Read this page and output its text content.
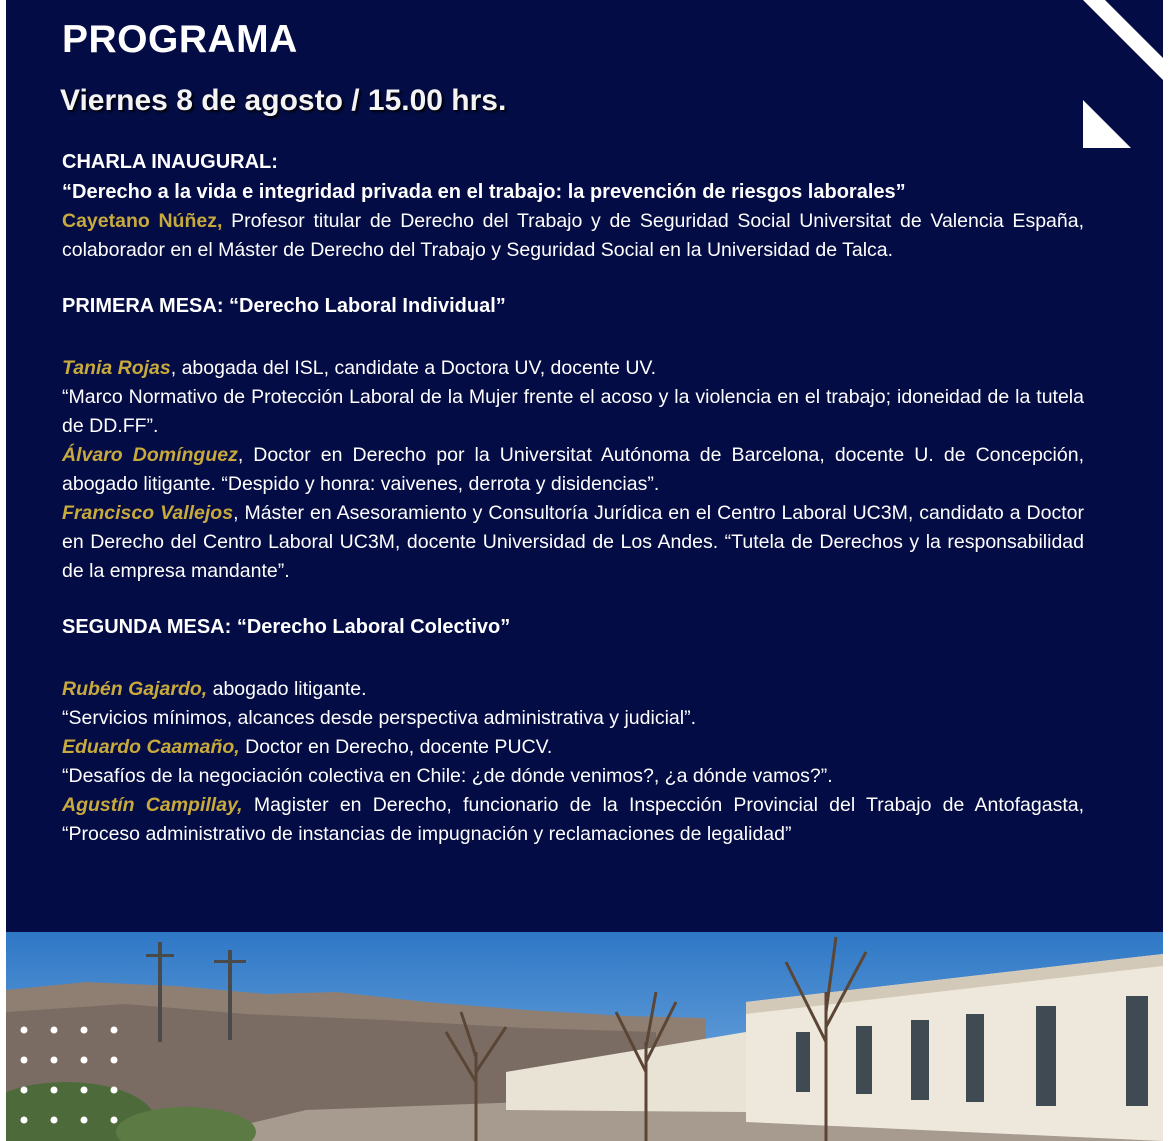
PROGRAMA
Viernes 8 de agosto / 15.00 hrs.

CHARLA INAUGURAL:

“Derecho a la vida e integridad privada en el trabajo: la prevención de riesgos laborales”

Cayetano Núñez, Profesor titular de Derecho del Trabajo y de Seguridad Social Universitat de Valencia España, colaborador en el Máster de Derecho del Trabajo y Seguridad Social en la Universidad de Talca.

PRIMERA MESA: “Derecho Laboral Individual”

Tania Rojas, abogada del ISL, candidate a Doctora UV, docente UV.

“Marco Normativo de Protección Laboral de la Mujer frente el acoso y la violencia en el trabajo; idoneidad de la tutela de DD.FF”.

Álvaro Domínguez, Doctor en Derecho por la Universitat Autónoma de Barcelona, docente U. de Concepción, abogado litigante. “Despido y honra: vaivenes, derrota y disidencias”.

Francisco Vallejos, Máster en Asesoramiento y Consultoría Jurídica en el Centro Laboral UC3M, candidato a Doctor en Derecho del Centro Laboral UC3M, docente Universidad de Los Andes. “Tutela de Derechos y la responsabilidad de la empresa mandante”.

SEGUNDA MESA: “Derecho Laboral Colectivo”

Rubén Gajardo, abogado litigante.

“Servicios mínimos, alcances desde perspectiva administrativa y judicial”.

Eduardo Caamaño, Doctor en Derecho, docente PUCV.

“Desafíos de la negociación colectiva en Chile: ¿de dónde venimos?, ¿a dónde vamos?”.

Agustín Campillay, Magister en Derecho, funcionario de la Inspección Provincial del Trabajo de Antofagasta, “Proceso administrativo de instancias de impugnación y reclamaciones de legalidad”
